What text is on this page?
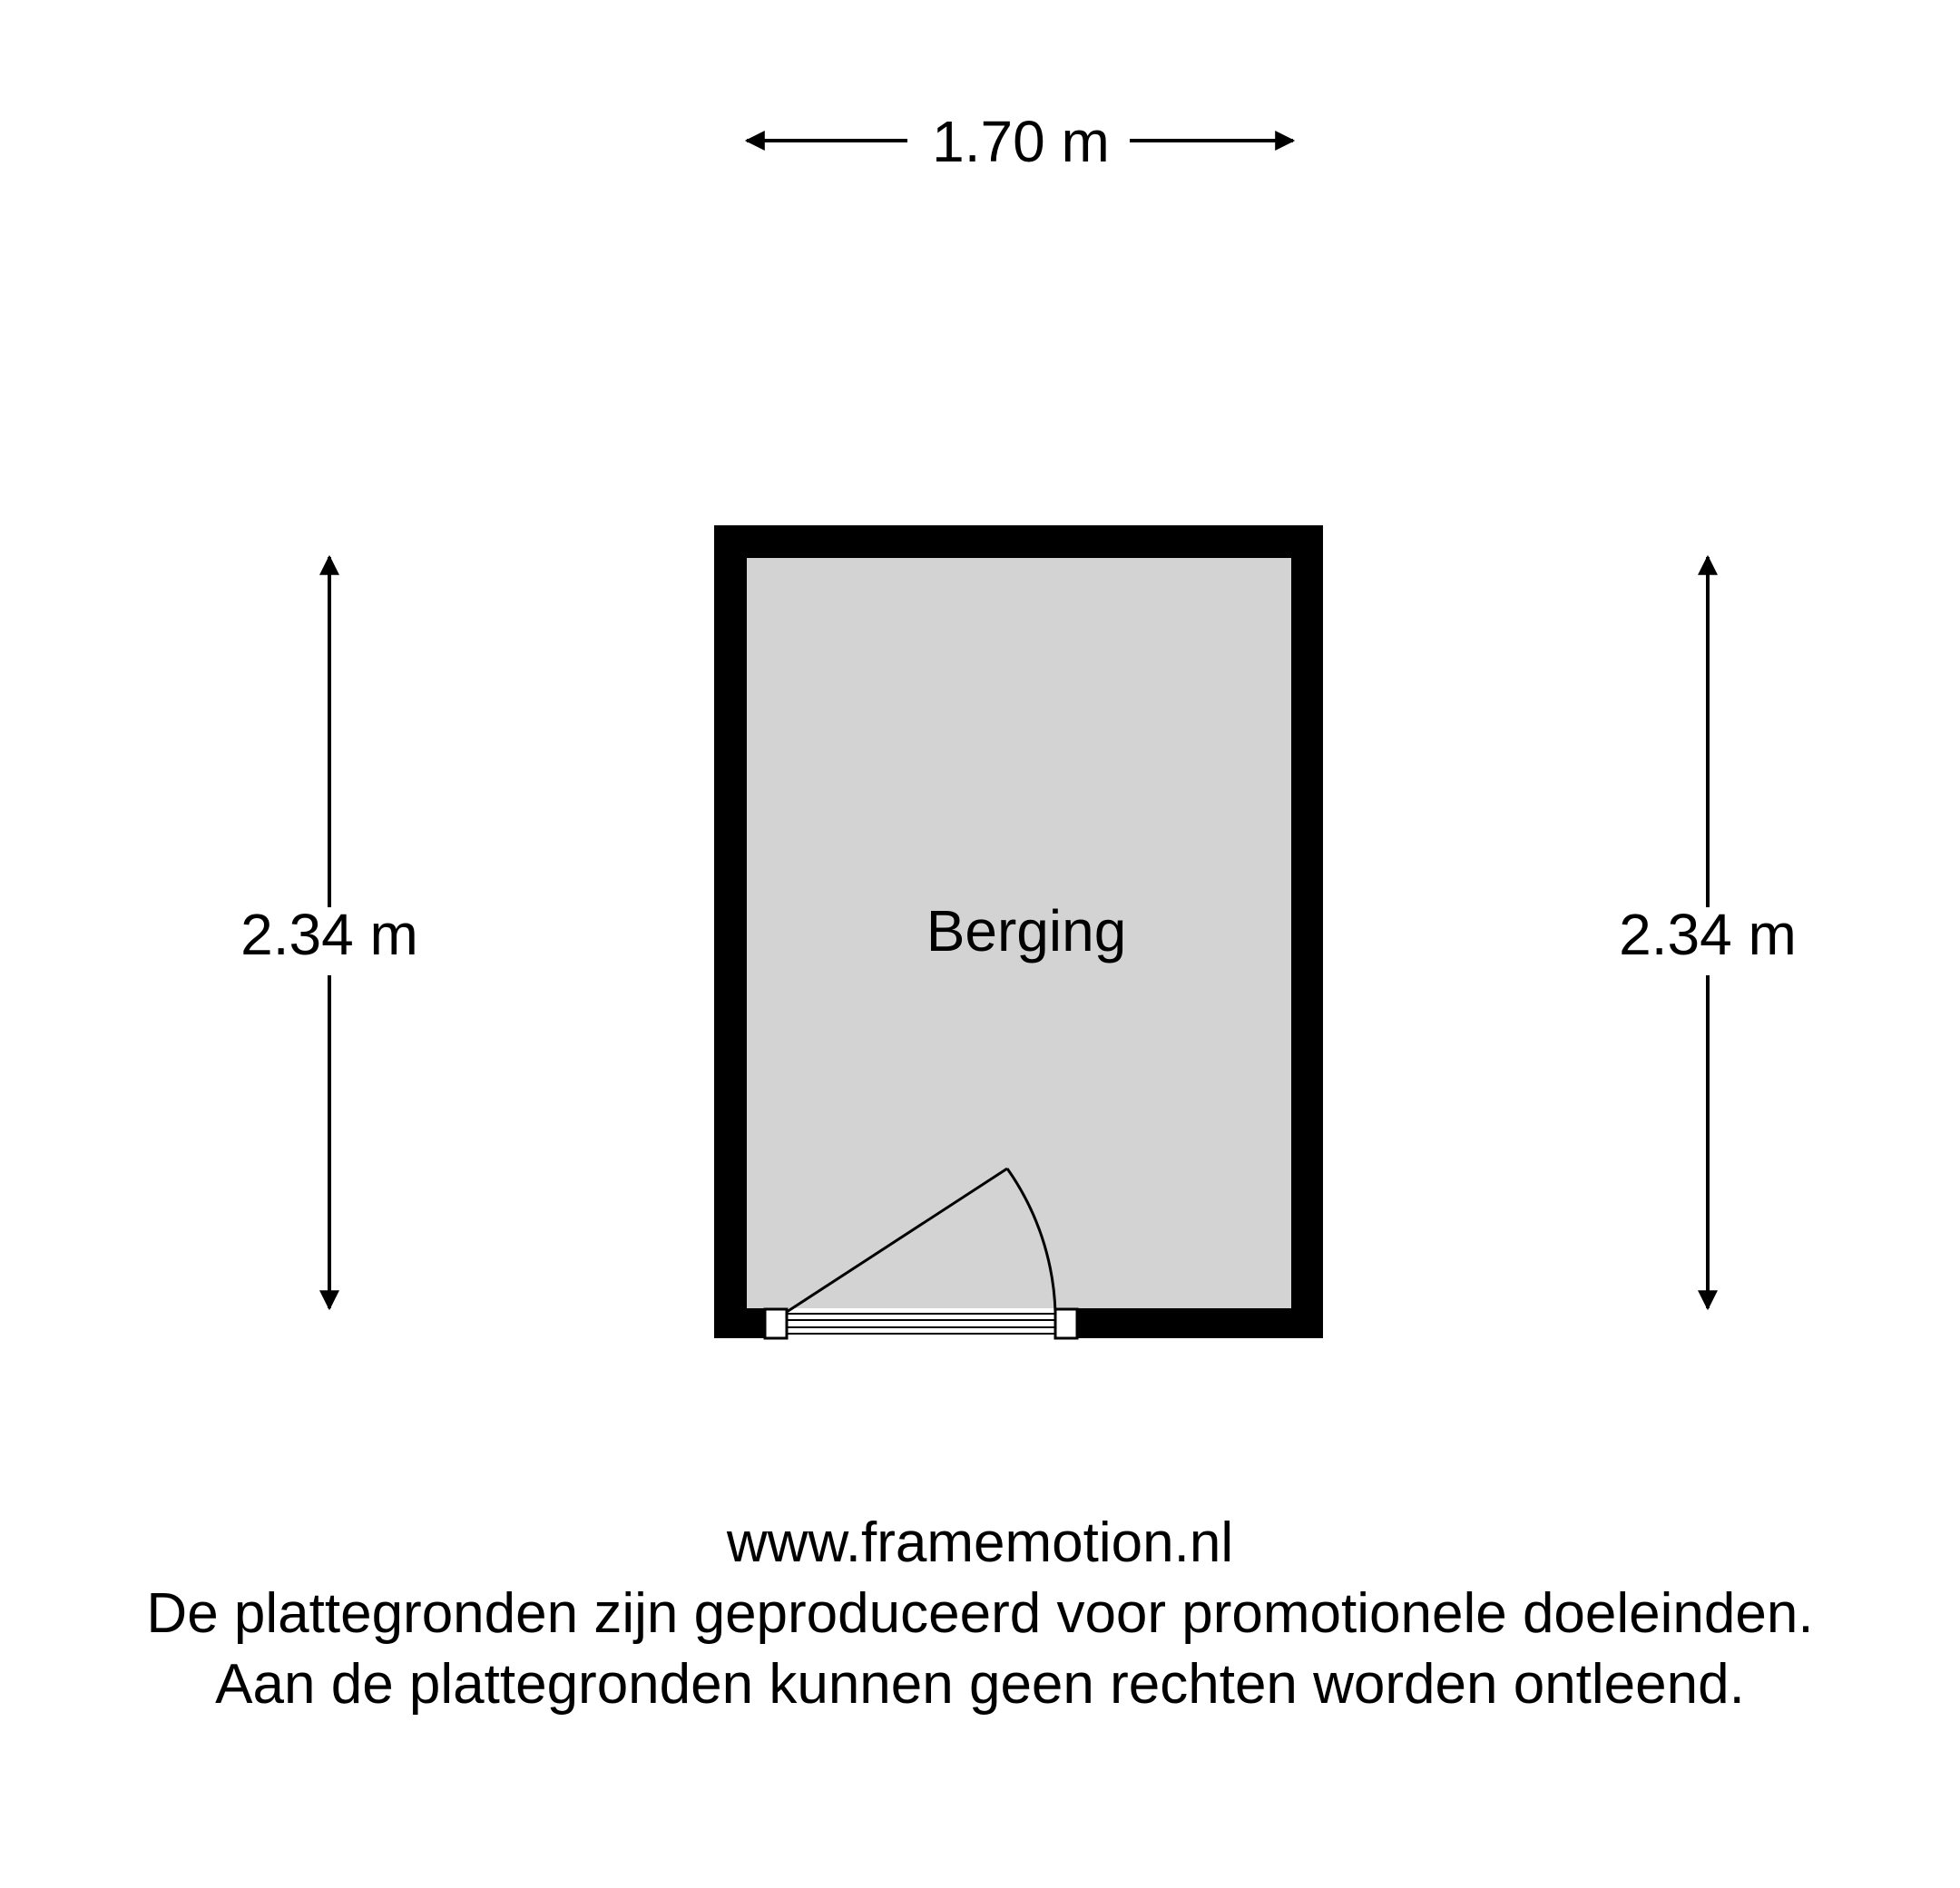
1.70 m
2.34 m	2.34 m
Berging
www.framemotion.nl
De plattegronden zijn geproduceerd voor promotionele doeleinden.
Aan de plattegronden kunnen geen rechten worden ontleend.
